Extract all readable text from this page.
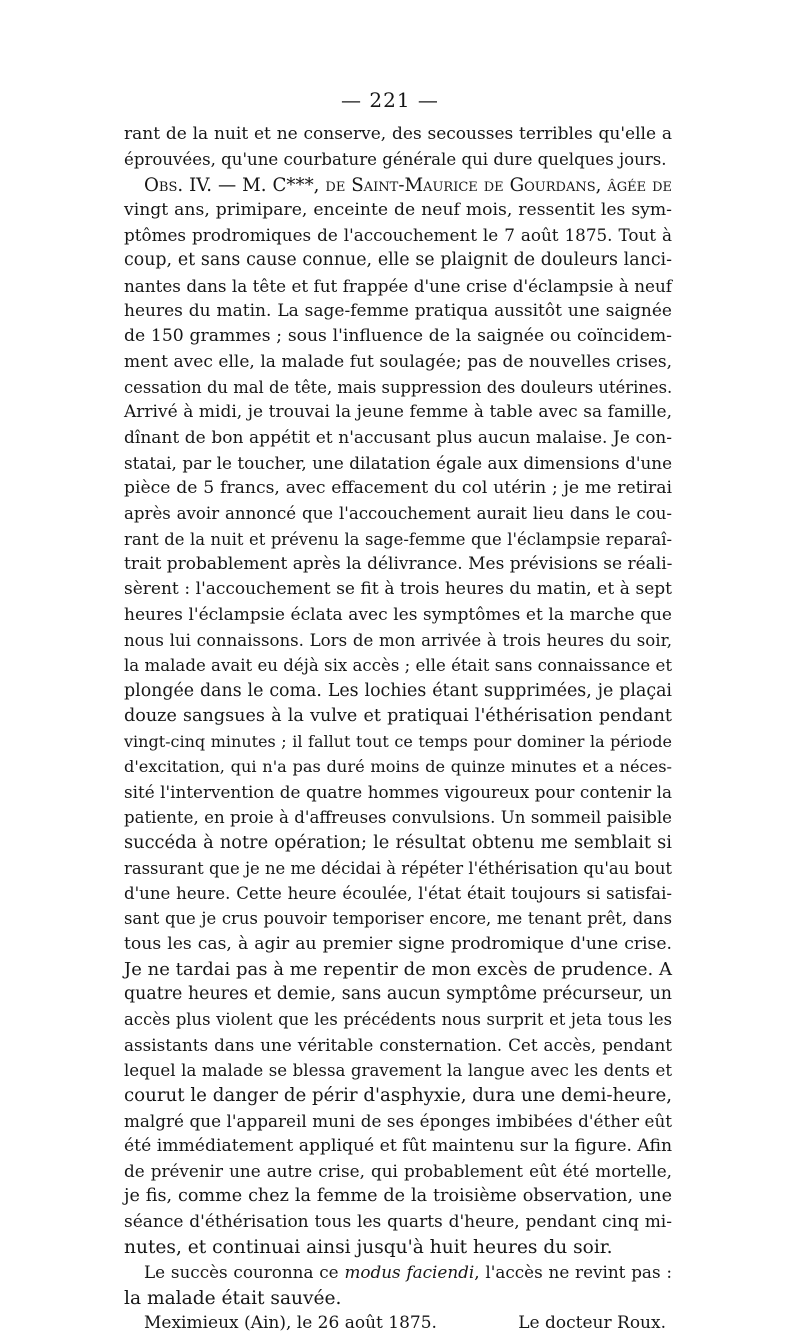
— 221 —
rant de la nuit et ne conserve, des secousses terribles qu'elle a
éprouvées, qu'une courbature générale qui dure quelques jours.
Obs. IV. — M. C***, de Saint-Maurice de Gourdans, âgée de
vingt ans, primipare, enceinte de neuf mois, ressentit les sym-
ptômes prodromiques de l'accouchement le 7 août 1875. Tout à
coup, et sans cause connue, elle se plaignit de douleurs lanci-
nantes dans la tête et fut frappée d'une crise d'éclampsie à neuf
heures du matin. La sage-femme pratiqua aussitôt une saignée
de 150 grammes ; sous l'influence de la saignée ou coïncidem-
ment avec elle, la malade fut soulagée; pas de nouvelles crises,
cessation du mal de tête, mais suppression des douleurs utérines.
Arrivé à midi, je trouvai la jeune femme à table avec sa famille,
dînant de bon appétit et n'accusant plus aucun malaise. Je con-
statai, par le toucher, une dilatation égale aux dimensions d'une
pièce de 5 francs, avec effacement du col utérin ; je me retirai
après avoir annoncé que l'accouchement aurait lieu dans le cou-
rant de la nuit et prévenu la sage-femme que l'éclampsie reparaî-
trait probablement après la délivrance. Mes prévisions se réali-
sèrent : l'accouchement se fit à trois heures du matin, et à sept
heures l'éclampsie éclata avec les symptômes et la marche que
nous lui connaissons. Lors de mon arrivée à trois heures du soir,
la malade avait eu déjà six accès ; elle était sans connaissance et
plongée dans le coma. Les lochies étant supprimées, je plaçai
douze sangsues à la vulve et pratiquai l'éthérisation pendant
vingt-cinq minutes ; il fallut tout ce temps pour dominer la période
d'excitation, qui n'a pas duré moins de quinze minutes et a néces-
sité l'intervention de quatre hommes vigoureux pour contenir la
patiente, en proie à d'affreuses convulsions. Un sommeil paisible
succéda à notre opération; le résultat obtenu me semblait si
rassurant que je ne me décidai à répéter l'éthérisation qu'au bout
d'une heure. Cette heure écoulée, l'état était toujours si satisfai-
sant que je crus pouvoir temporiser encore, me tenant prêt, dans
tous les cas, à agir au premier signe prodromique d'une crise.
Je ne tardai pas à me repentir de mon excès de prudence. A
quatre heures et demie, sans aucun symptôme précurseur, un
accès plus violent que les précédents nous surprit et jeta tous les
assistants dans une véritable consternation. Cet accès, pendant
lequel la malade se blessa gravement la langue avec les dents et
courut le danger de périr d'asphyxie, dura une demi-heure,
malgré que l'appareil muni de ses éponges imbibées d'éther eût
été immédiatement appliqué et fût maintenu sur la figure. Afin
de prévenir une autre crise, qui probablement eût été mortelle,
je fis, comme chez la femme de la troisième observation, une
séance d'éthérisation tous les quarts d'heure, pendant cinq mi-
nutes, et continuai ainsi jusqu'à huit heures du soir.
Le succès couronna ce modus faciendi, l'accès ne revint pas :
la malade était sauvée.
Meximieux (Ain), le 26 août 1875.	Le docteur Roux.
